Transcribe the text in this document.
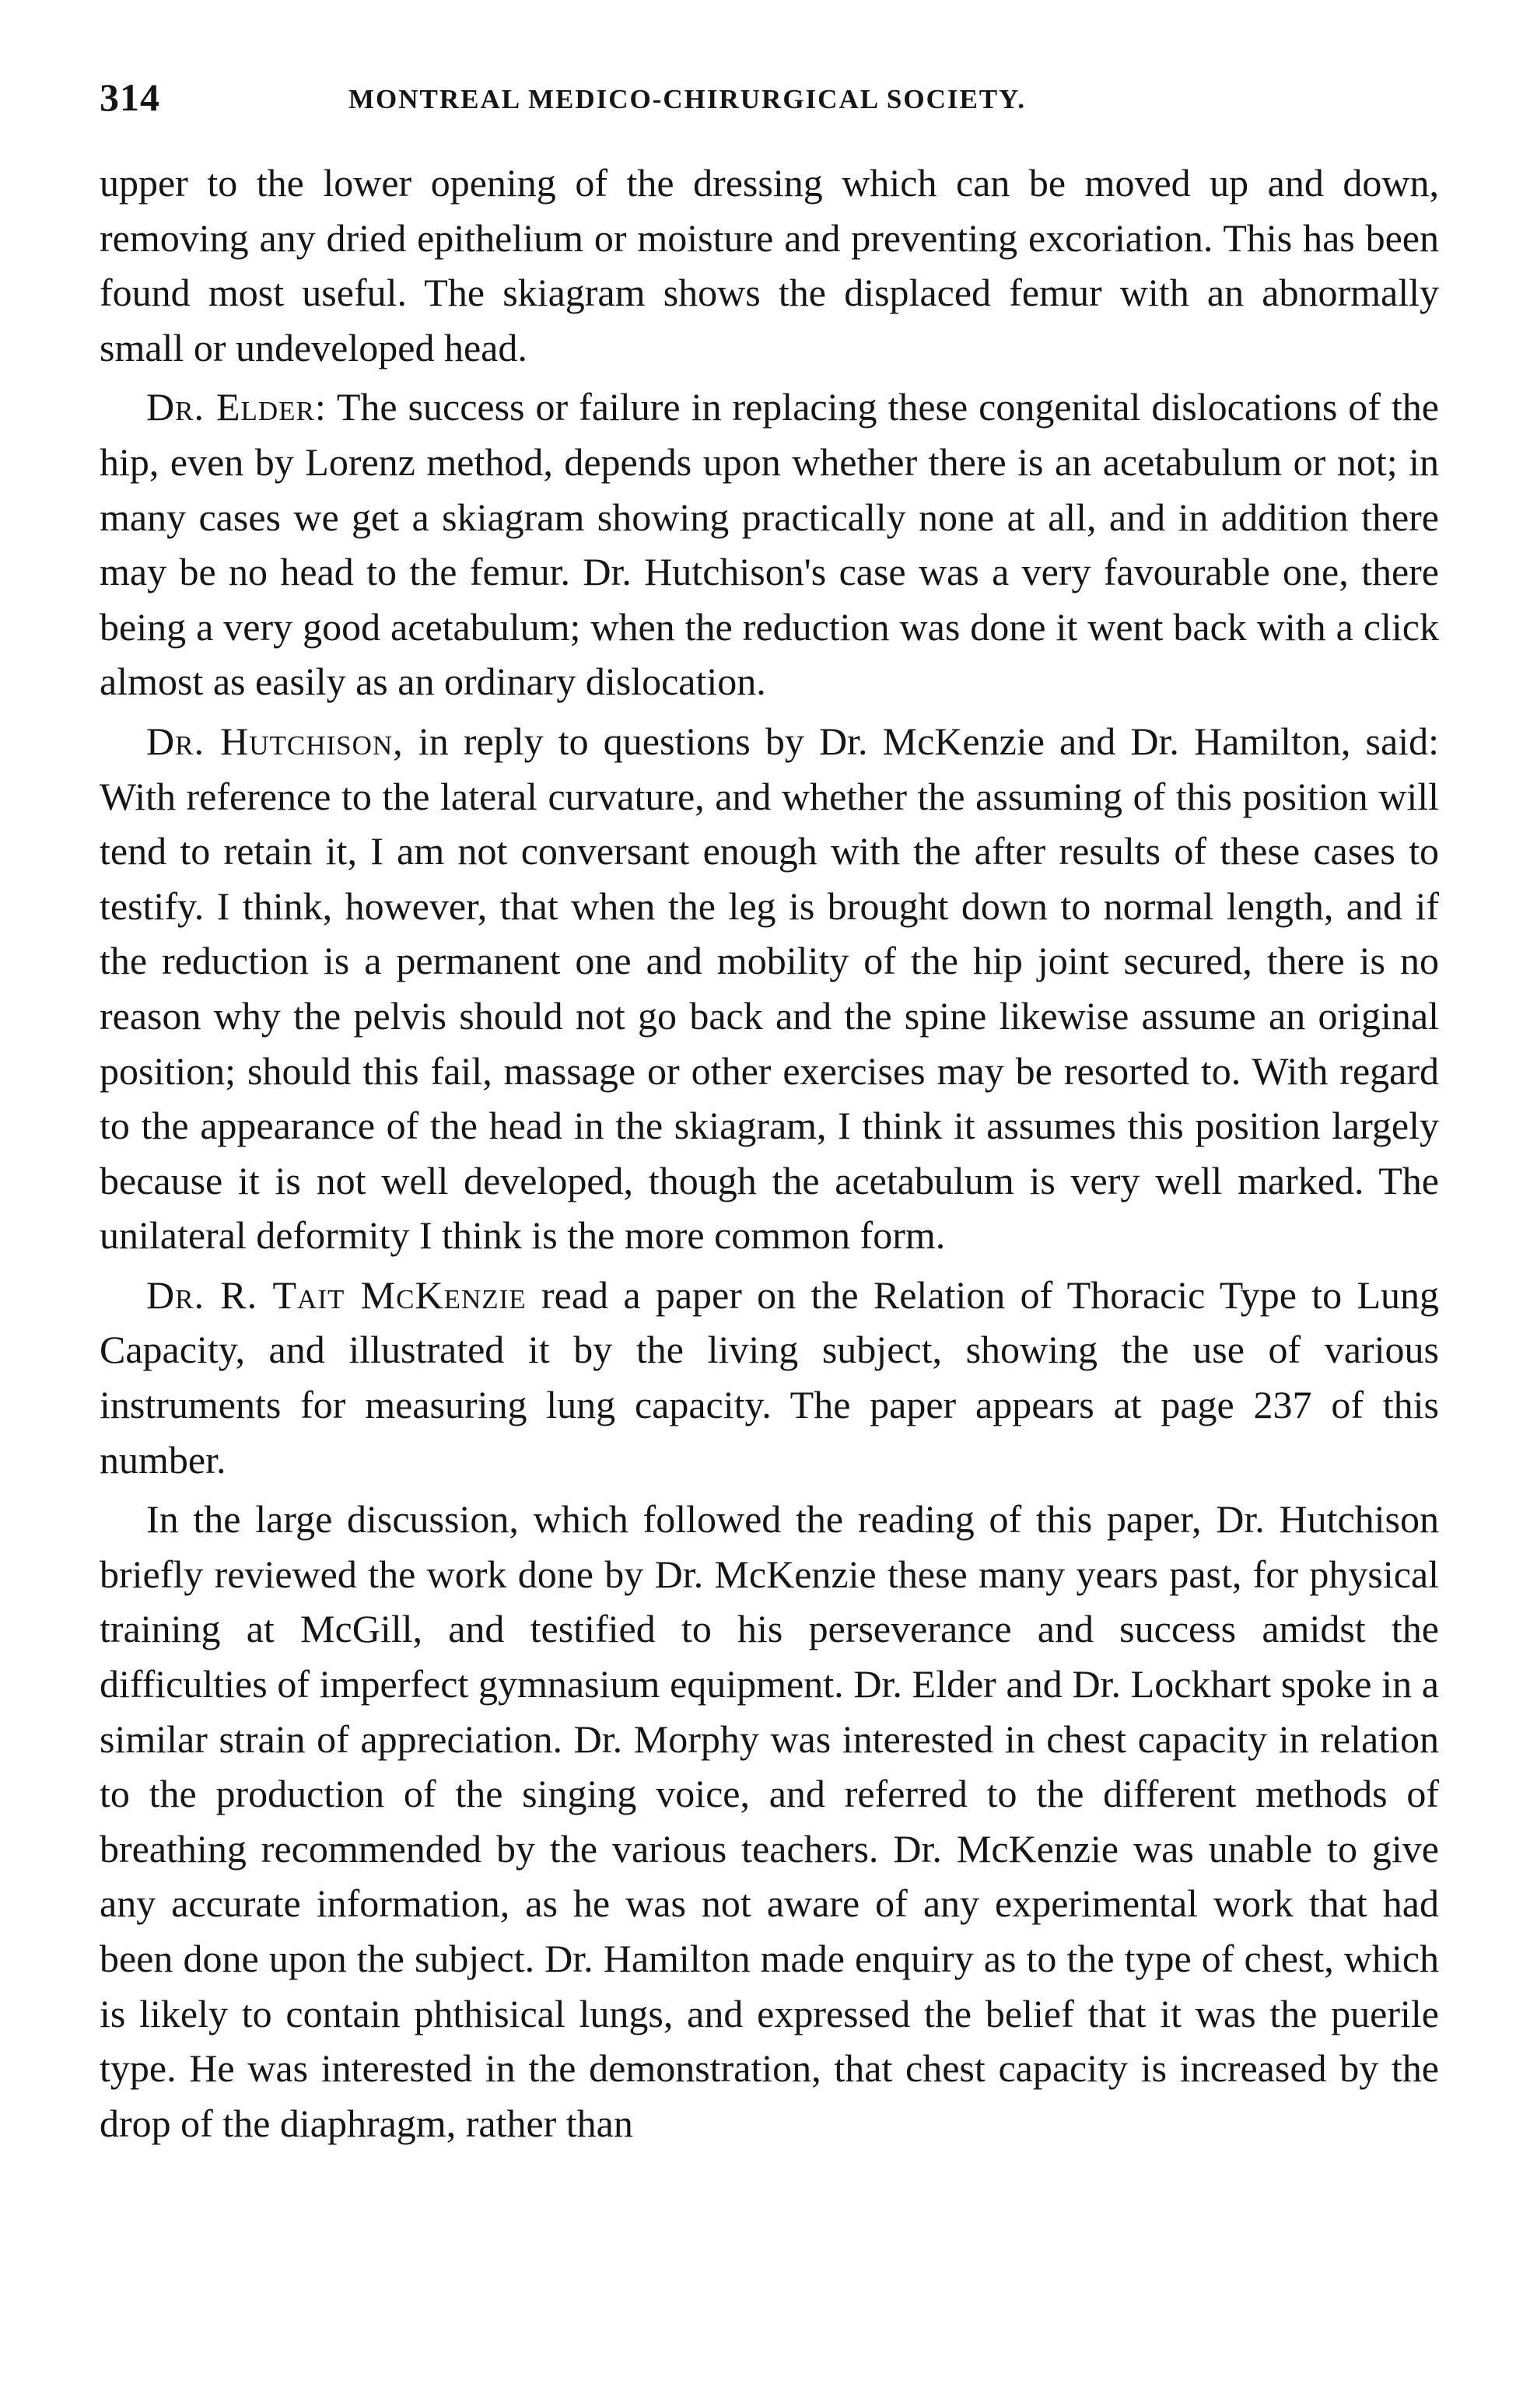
314	MONTREAL MEDICO-CHIRURGICAL SOCIETY.

upper to the lower opening of the dressing which can be moved up and down, removing any dried epithelium or moisture and preventing excoriation. This has been found most useful. The skiagram shows the displaced femur with an abnormally small or undeveloped head.

Dr. Elder: The success or failure in replacing these congenital dislocations of the hip, even by Lorenz method, depends upon whether there is an acetabulum or not; in many cases we get a skiagram showing practically none at all, and in addition there may be no head to the femur. Dr. Hutchison's case was a very favourable one, there being a very good acetabulum; when the reduction was done it went back with a click almost as easily as an ordinary dislocation.

Dr. Hutchison, in reply to questions by Dr. McKenzie and Dr. Hamilton, said: With reference to the lateral curvature, and whether the assuming of this position will tend to retain it, I am not conversant enough with the after results of these cases to testify. I think, however, that when the leg is brought down to normal length, and if the reduction is a permanent one and mobility of the hip joint secured, there is no reason why the pelvis should not go back and the spine likewise assume an original position; should this fail, massage or other exercises may be resorted to. With regard to the appearance of the head in the skiagram, I think it assumes this position largely because it is not well developed, though the acetabulum is very well marked. The unilateral deformity I think is the more common form.

Dr. R. Tait McKenzie read a paper on the Relation of Thoracic Type to Lung Capacity, and illustrated it by the living subject, showing the use of various instruments for measuring lung capacity. The paper appears at page 237 of this number.

In the large discussion, which followed the reading of this paper, Dr. Hutchison briefly reviewed the work done by Dr. McKenzie these many years past, for physical training at McGill, and testified to his perseverance and success amidst the difficulties of imperfect gymnasium equipment. Dr. Elder and Dr. Lockhart spoke in a similar strain of appreciation. Dr. Morphy was interested in chest capacity in relation to the production of the singing voice, and referred to the different methods of breathing recommended by the various teachers. Dr. McKenzie was unable to give any accurate information, as he was not aware of any experimental work that had been done upon the subject. Dr. Hamilton made enquiry as to the type of chest, which is likely to contain phthisical lungs, and expressed the belief that it was the puerile type. He was interested in the demonstration, that chest capacity is increased by the drop of the diaphragm, rather than
